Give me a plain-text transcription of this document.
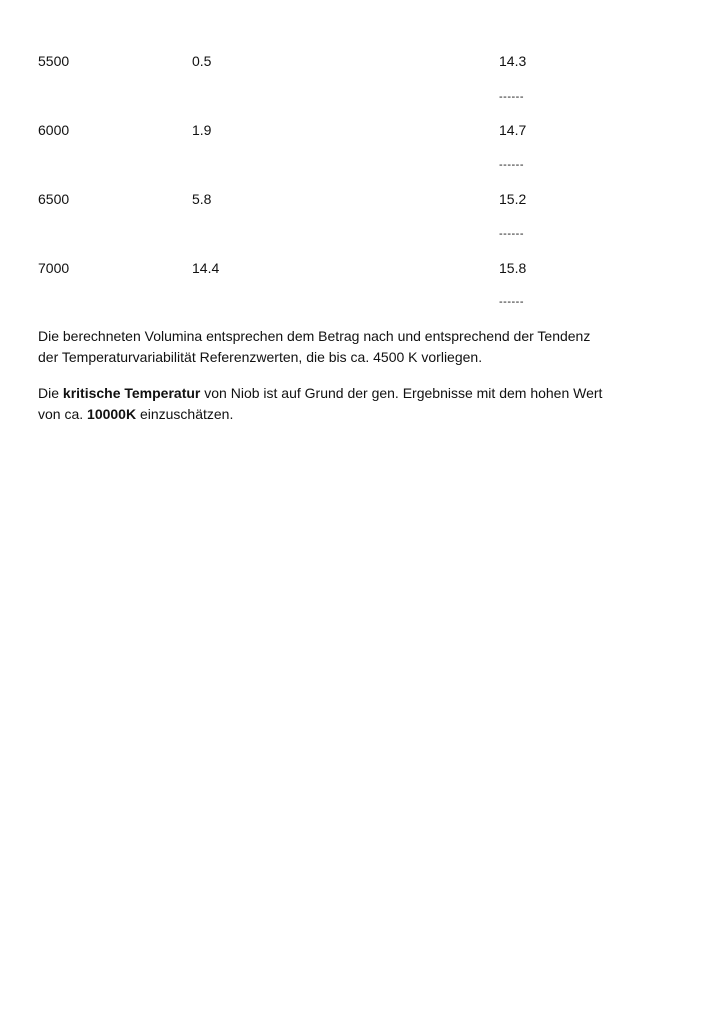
5500	0.5	14.3
------
6000	1.9	14.7
------
6500	5.8	15.2
------
7000	14.4	15.8
------
Die berechneten Volumina entsprechen dem Betrag nach und entsprechend der Tendenz
der Temperaturvariabilität Referenzwerten, die bis ca. 4500 K vorliegen.
Die kritische Temperatur von Niob ist auf Grund der gen. Ergebnisse mit dem hohen Wert
von ca. 10000K einzuschätzen.
